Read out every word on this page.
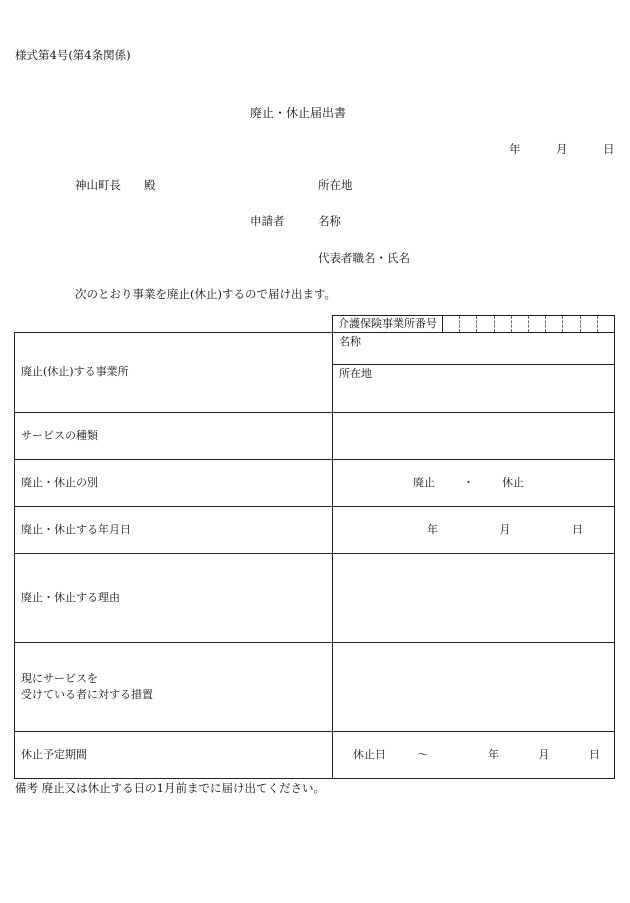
様式第4号(第4条関係)
廃止・休止届出書
年	月	日
神山町長 殿	所在地
申請者	名称
代表者職名・氏名
次のとおり事業を廃止(休止)するので届け出ます。

介護保険事業所番号

廃止(休止)する事業所	名称
	所在地
サービスの種類	
廃止・休止の別	廃止 ・ 休止

廃止・休止する年月日	年 月 日
廃止・休止する理由	

現にサービスを
受けている者に対する措置	

休止予定期間	休止日 〜 年 月 日
備考 廃止又は休止する日の1月前までに届け出てください。
